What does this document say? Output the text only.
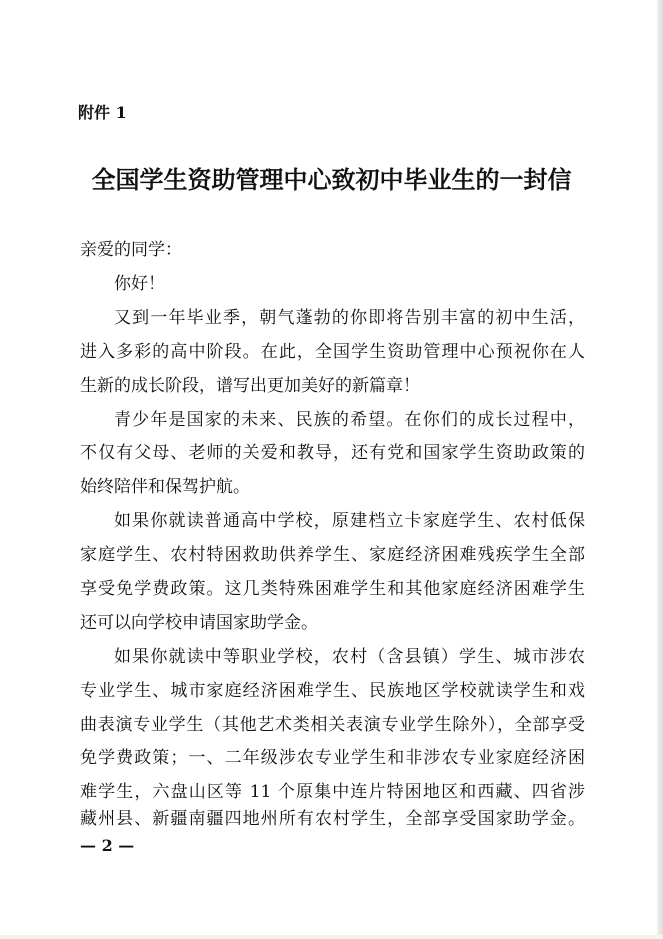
附件 1
全国学生资助管理中心致初中毕业生的一封信
亲爱的同学：
你好！
又到一年毕业季，朝气蓬勃的你即将告别丰富的初中生活，
进入多彩的高中阶段。在此，全国学生资助管理中心预祝你在人
生新的成长阶段，谱写出更加美好的新篇章！
青少年是国家的未来、民族的希望。在你们的成长过程中，
不仅有父母、老师的关爱和教导，还有党和国家学生资助政策的
始终陪伴和保驾护航。
如果你就读普通高中学校，原建档立卡家庭学生、农村低保
家庭学生、农村特困救助供养学生、家庭经济困难残疾学生全部
享受免学费政策。这几类特殊困难学生和其他家庭经济困难学生
还可以向学校申请国家助学金。
如果你就读中等职业学校，农村（含县镇）学生、城市涉农
专业学生、城市家庭经济困难学生、民族地区学校就读学生和戏
曲表演专业学生（其他艺术类相关表演专业学生除外），全部享受
免学费政策；一、二年级涉农专业学生和非涉农专业家庭经济困
难学生，六盘山区等 11 个原集中连片特困地区和西藏、四省涉
藏州县、新疆南疆四地州所有农村学生，全部享受国家助学金。
— 2 —
